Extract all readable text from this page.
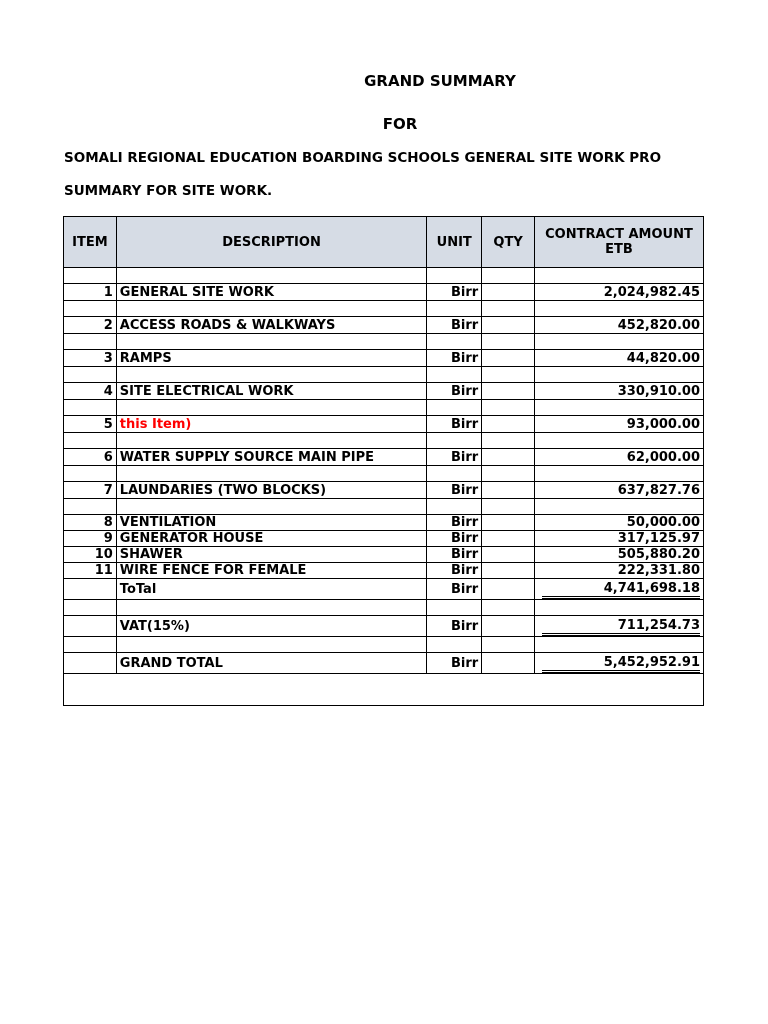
GRAND SUMMARY
FOR
SOMALI REGIONAL EDUCATION BOARDING SCHOOLS GENERAL SITE WORK PRO
SUMMARY FOR SITE WORK.
ITEM	DESCRIPTION	UNIT	QTY	CONTRACT AMOUNT
ETB

1	GENERAL SITE WORK	Birr		2,024,982.45

2	ACCESS ROADS & WALKWAYS	Birr		452,820.00

3	RAMPS	Birr		44,820.00

4	SITE ELECTRICAL WORK	Birr		330,910.00

5	this Item)	Birr		93,000.00

6	WATER SUPPLY SOURCE MAIN PIPE	Birr		62,000.00

7	LAUNDARIES (TWO BLOCKS)	Birr		637,827.76

8	VENTILATION	Birr		50,000.00
9	GENERATOR HOUSE	Birr		317,125.97
10	SHAWER	Birr		505,880.20
11	WIRE FENCE FOR FEMALE	Birr		222,331.80
	ToTal	Birr		4,741,698.18

	VAT(15%)	Birr		711,254.73

	GRAND TOTAL	Birr		5,452,952.91
